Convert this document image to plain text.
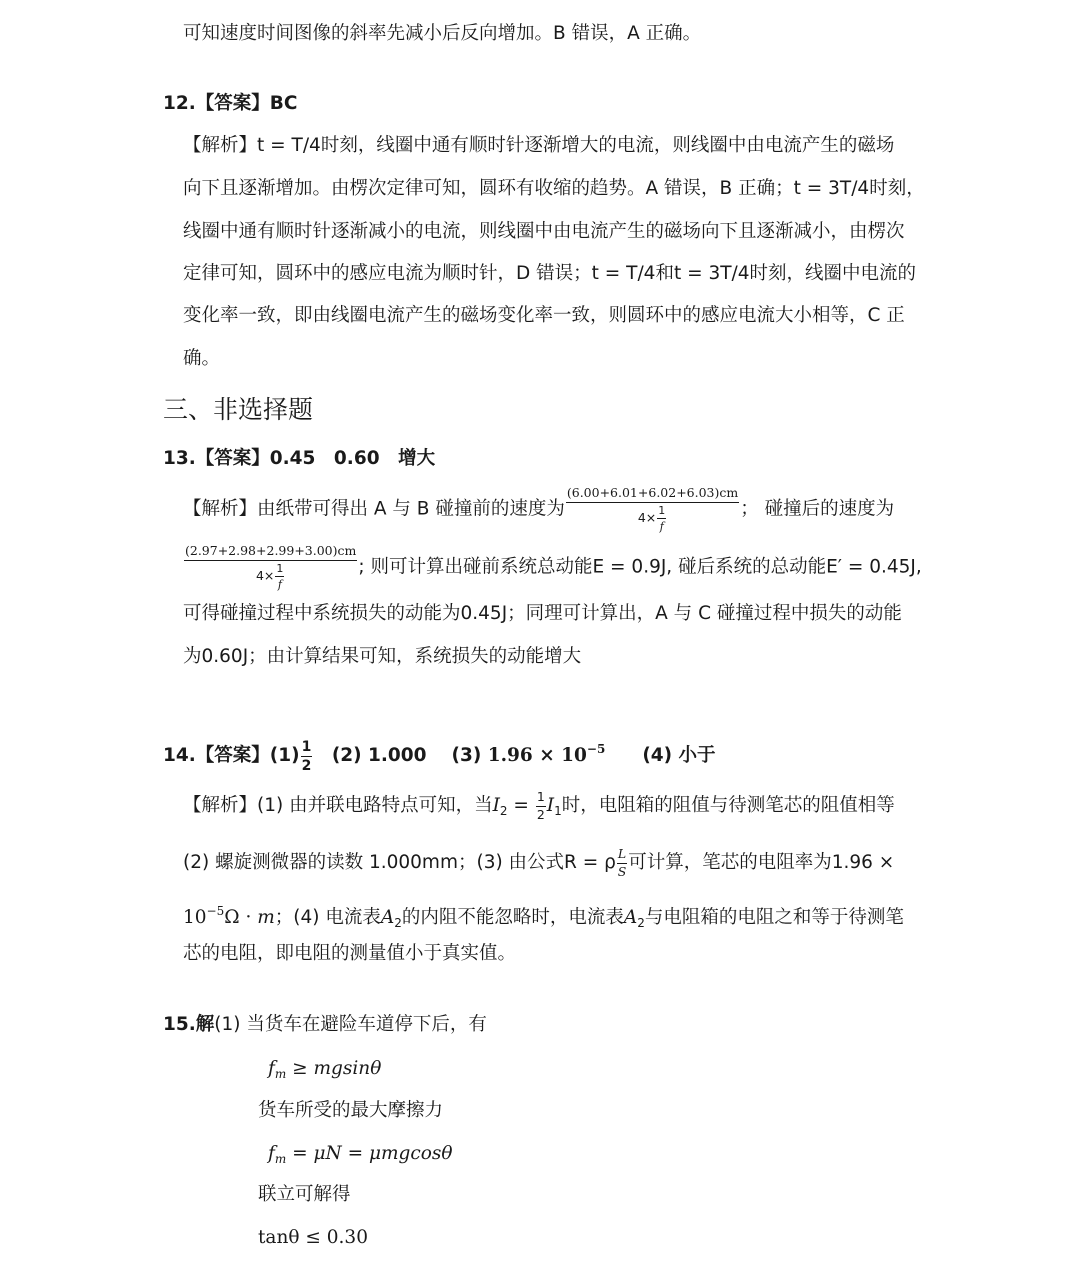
可知速度时间图像的斜率先减小后反向增加。B 错误，A 正确。
12.【答案】BC
【解析】t = T/4时刻，线圈中通有顺时针逐渐增大的电流，则线圈中由电流产生的磁场
向下且逐渐增加。由楞次定律可知，圆环有收缩的趋势。A 错误，B 正确；t = 3T/4时刻，
线圈中通有顺时针逐渐减小的电流，则线圈中由电流产生的磁场向下且逐渐减小，由楞次
定律可知，圆环中的感应电流为顺时针，D 错误；t = T/4和t = 3T/4时刻，线圈中电流的
变化率一致，即由线圈电流产生的磁场变化率一致，则圆环中的感应电流大小相等，C 正
确。
三、非选择题
13.【答案】0.45　0.60　增大
【解析】由纸带可得出 A 与 B 碰撞前的速度为 $\frac{(6.00+6.01+6.02+6.03)cm}{4\times \frac{1}{f}}$ ； 碰撞后的速度为
$\frac{(2.97+2.98+2.99+3.00)cm}{4\times \frac{1}{f}}$ ; 则可计算出碰前系统总动能E = 0.9J, 碰后系统的总动能E′ = 0.45J,
可得碰撞过程中系统损失的动能为0.45J；同理可计算出，A 与 C 碰撞过程中损失的动能
为0.60J；由计算结果可知，系统损失的动能增大
14.【答案】$(1) \frac{1}{2}$ 　(2) 1.000　 (3) $1.96 \times 10^{-5}$　　(4) 小于
【解析】(1) 由并联电路特点可知，当$I_2 = \frac{1}{2} I_1$时，电阻箱的阻值与待测笔芯的阻值相等
(2) 螺旋测微器的读数 1.000mm；(3) 由公式R = ρ $\frac{L}{S}$ 可计算，笔芯的电阻率为1.96 ×
$10^{-5}\Omega \cdot m$；(4) 电流表$A_2$的内阻不能忽略时，电流表$A_2$与电阻箱的电阻之和等于待测笔
芯的电阻，即电阻的测量值小于真实值。
15.解(1) 当货车在避险车道停下后，有
$f_m \ge mgsin\theta$
货车所受的最大摩擦力
$f_m = \mu N = \mu mgcos\theta$
联立可解得
tanθ ≤ 0.30
